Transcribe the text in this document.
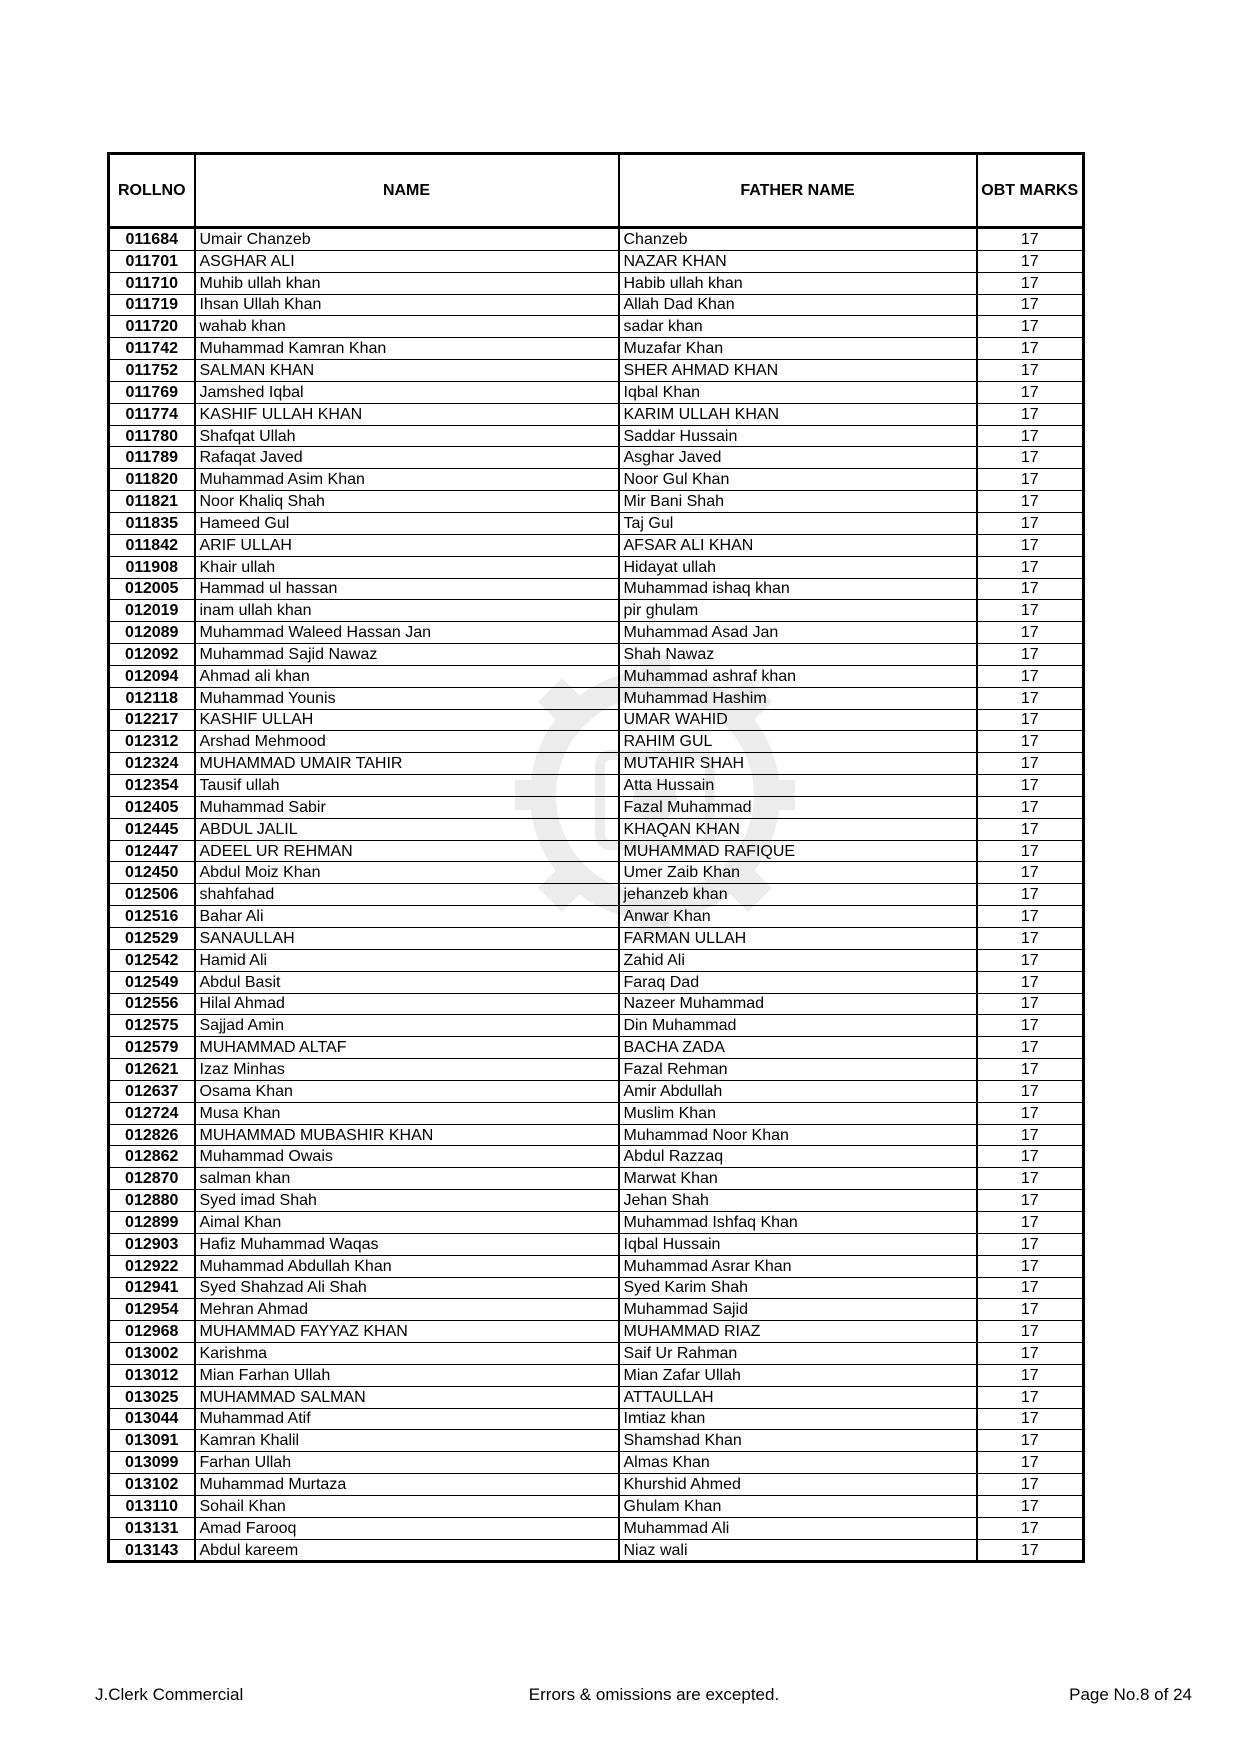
ROLLNO	NAME	FATHER NAME	OBT MARKS
011684	Umair Chanzeb	Chanzeb	17
011701	ASGHAR ALI	NAZAR KHAN	17
011710	Muhib ullah khan	Habib ullah khan	17
011719	Ihsan Ullah Khan	Allah Dad Khan	17
011720	wahab khan	sadar khan	17
011742	Muhammad Kamran Khan	Muzafar Khan	17
011752	SALMAN KHAN	SHER AHMAD KHAN	17
011769	Jamshed Iqbal	Iqbal Khan	17
011774	KASHIF ULLAH KHAN	KARIM ULLAH KHAN	17
011780	Shafqat Ullah	Saddar Hussain	17
011789	Rafaqat Javed	Asghar Javed	17
011820	Muhammad Asim Khan	Noor Gul Khan	17
011821	Noor Khaliq Shah	Mir Bani Shah	17
011835	Hameed Gul	Taj Gul	17
011842	ARIF ULLAH	AFSAR ALI KHAN	17
011908	Khair ullah	Hidayat ullah	17
012005	Hammad ul hassan	Muhammad ishaq khan	17
012019	inam ullah khan	pir ghulam	17
012089	Muhammad Waleed Hassan Jan	Muhammad Asad Jan	17
012092	Muhammad Sajid Nawaz	Shah Nawaz	17
012094	Ahmad ali khan	Muhammad ashraf khan	17
012118	Muhammad Younis	Muhammad Hashim	17
012217	KASHIF ULLAH	UMAR WAHID	17
012312	Arshad Mehmood	RAHIM GUL	17
012324	MUHAMMAD UMAIR TAHIR	MUTAHIR SHAH	17
012354	Tausif ullah	Atta Hussain	17
012405	Muhammad Sabir	Fazal Muhammad	17
012445	ABDUL JALIL	KHAQAN KHAN	17
012447	ADEEL UR REHMAN	MUHAMMAD RAFIQUE	17
012450	Abdul Moiz Khan	Umer Zaib Khan	17
012506	shahfahad	jehanzeb khan	17
012516	Bahar Ali	Anwar Khan	17
012529	SANAULLAH	FARMAN ULLAH	17
012542	Hamid Ali	Zahid Ali	17
012549	Abdul Basit	Faraq Dad	17
012556	Hilal Ahmad	Nazeer Muhammad	17
012575	Sajjad Amin	Din Muhammad	17
012579	MUHAMMAD ALTAF	BACHA ZADA	17
012621	Izaz Minhas	Fazal Rehman	17
012637	Osama Khan	Amir Abdullah	17
012724	Musa Khan	Muslim Khan	17
012826	MUHAMMAD MUBASHIR KHAN	Muhammad Noor Khan	17
012862	Muhammad Owais	Abdul Razzaq	17
012870	salman khan	Marwat Khan	17
012880	Syed imad Shah	Jehan Shah	17
012899	Aimal Khan	Muhammad Ishfaq Khan	17
012903	Hafiz Muhammad Waqas	Iqbal Hussain	17
012922	Muhammad Abdullah Khan	Muhammad Asrar Khan	17
012941	Syed Shahzad Ali Shah	Syed Karim Shah	17
012954	Mehran Ahmad	Muhammad Sajid	17
012968	MUHAMMAD FAYYAZ KHAN	MUHAMMAD RIAZ	17
013002	Karishma	Saif Ur Rahman	17
013012	Mian Farhan Ullah	Mian Zafar Ullah	17
013025	MUHAMMAD SALMAN	ATTAULLAH	17
013044	Muhammad Atif	Imtiaz khan	17
013091	Kamran Khalil	Shamshad Khan	17
013099	Farhan Ullah	Almas Khan	17
013102	Muhammad Murtaza	Khurshid Ahmed	17
013110	Sohail Khan	Ghulam Khan	17
013131	Amad Farooq	Muhammad Ali	17
013143	Abdul kareem	Niaz wali	17
J.Clerk Commercial	Errors & omissions are excepted.	Page No.8 of 24
